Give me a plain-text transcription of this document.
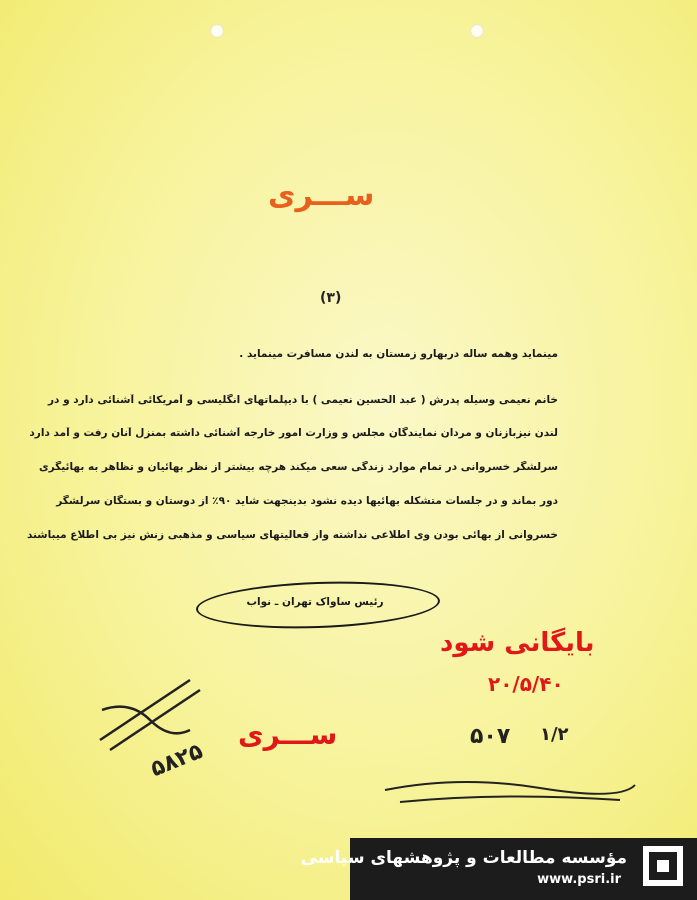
ســـری
(۳)
مینماید وهمه ساله دربهارو زمستان به لندن مسافرت مینماید .
خانم نعیمی وسیله پدرش ( عبد الحسین نعیمی ) با دیپلماتهای انگلیسی و آمریکائی آشنائی دارد و در
لندن نیزبازنان و مردان نمایندگان مجلس و وزارت امور خارجه آشنائی داشته بمنزل آنان رفت و آمد دارد
سرلشگر خسروانی در تمام موارد زندگی سعی میکند هرچه بیشتر از نظر بهائیان و تظاهر به بهائیگری
دور بماند و در جلسات متشکله بهائیها دیده نشود بدینجهت شاید ۹۰٪ از دوستان و بستگان سرلشگر
خسروانی از بهائی بودن وی اطلاعی نداشته واز فعالیتهای سیاسی و مذهبی زنش نیز بی اطلاع میباشند
رئیس ساواک تهران ـ نواب
بایگانی شود
۲۰/۵/۴۰
ســـری
۵۸۲۵
۵۰۷ ۱/۲
مؤسسه مطالعات و پژوهشهای سیاسی
www.psri.ir
